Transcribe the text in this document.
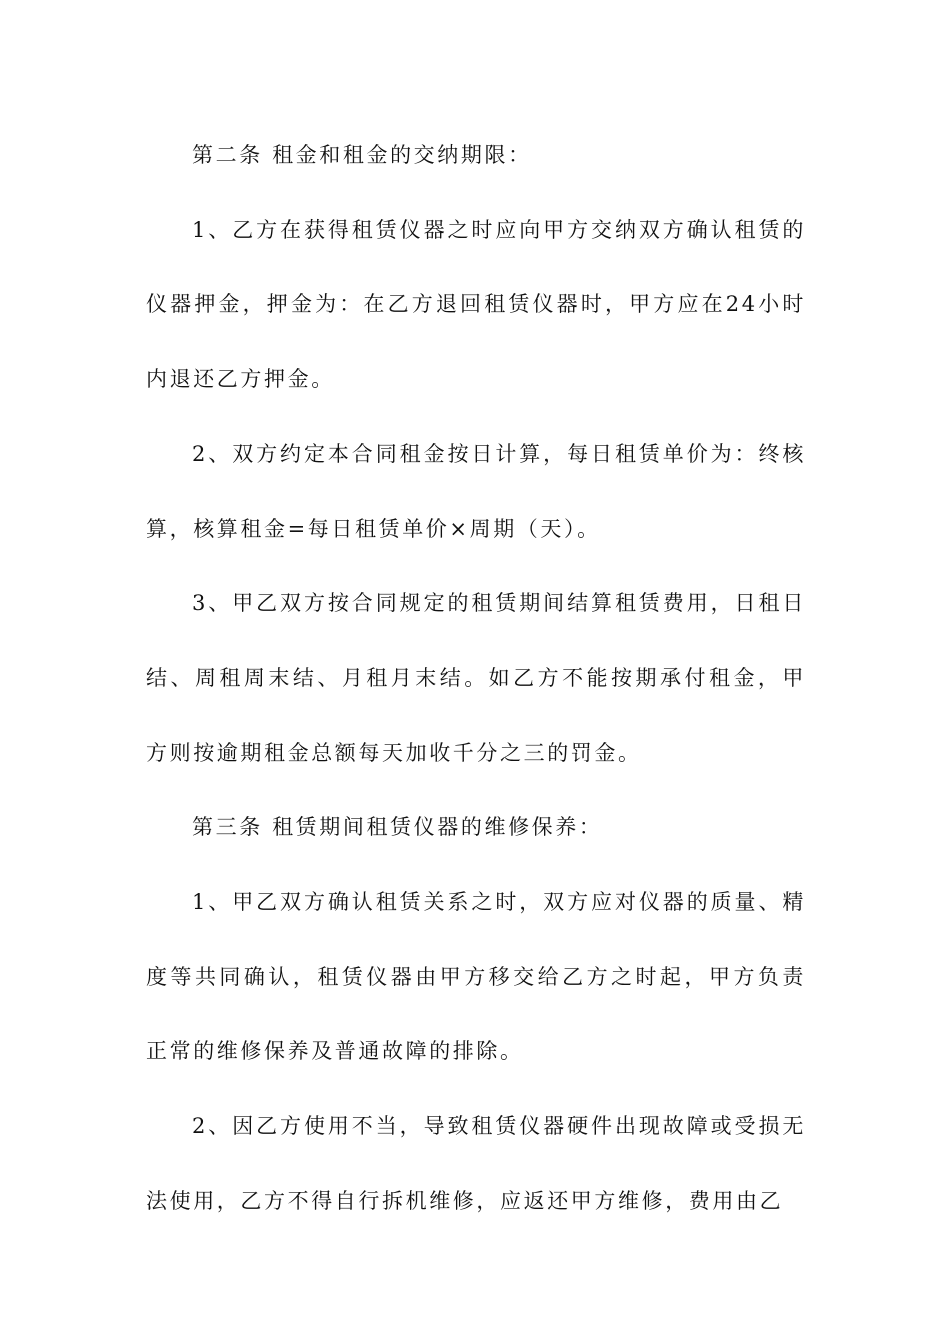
第二条 租金和租金的交纳期限：

1、乙方在获得租赁仪器之时应向甲方交纳双方确认租赁的仪器押金，押金为：在乙方退回租赁仪器时，甲方应在24小时内退还乙方押金。

2、双方约定本合同租金按日计算，每日租赁单价为：终核算，核算租金=每日租赁单价×周期（天）。

3、甲乙双方按合同规定的租赁期间结算租赁费用，日租日结、周租周末结、月租月末结。如乙方不能按期承付租金，甲方则按逾期租金总额每天加收千分之三的罚金。

第三条 租赁期间租赁仪器的维修保养：

1、甲乙双方确认租赁关系之时，双方应对仪器的质量、精度等共同确认，租赁仪器由甲方移交给乙方之时起，甲方负责正常的维修保养及普通故障的排除。

2、因乙方使用不当，导致租赁仪器硬件出现故障或受损无法使用，乙方不得自行拆机维修，应返还甲方维修，费用由乙
